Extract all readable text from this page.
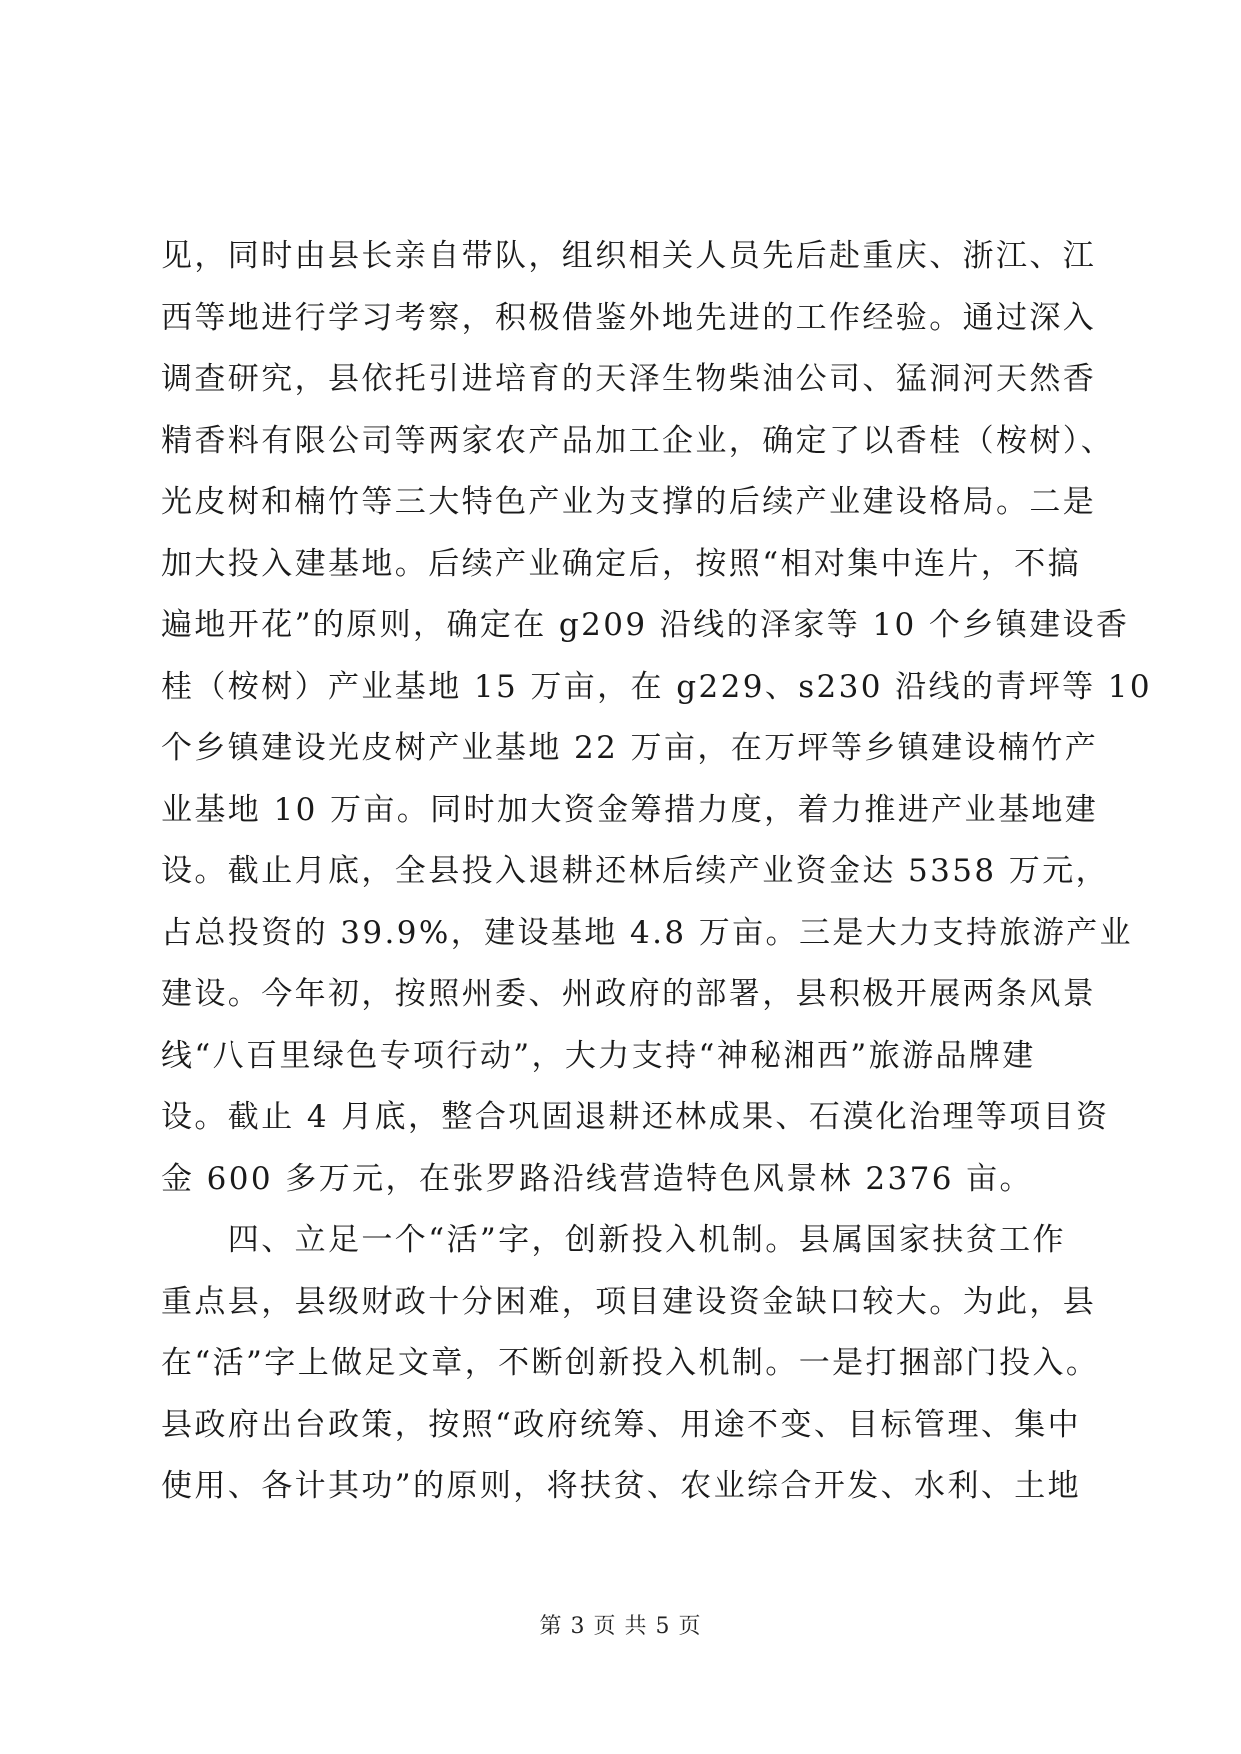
见，同时由县长亲自带队，组织相关人员先后赴重庆、浙江、江
西等地进行学习考察，积极借鉴外地先进的工作经验。通过深入
调查研究，县依托引进培育的天泽生物柴油公司、猛洞河天然香
精香料有限公司等两家农产品加工企业，确定了以香桂（桉树）、
光皮树和楠竹等三大特色产业为支撑的后续产业建设格局。二是
加大投入建基地。后续产业确定后，按照“相对集中连片，不搞
遍地开花”的原则，确定在 g209 沿线的泽家等 10 个乡镇建设香
桂（桉树）产业基地 15 万亩，在 g229、s230 沿线的青坪等 10
个乡镇建设光皮树产业基地 22 万亩，在万坪等乡镇建设楠竹产
业基地 10 万亩。同时加大资金筹措力度，着力推进产业基地建
设。截止月底，全县投入退耕还林后续产业资金达 5358 万元，
占总投资的 39.9%，建设基地 4.8 万亩。三是大力支持旅游产业
建设。今年初，按照州委、州政府的部署，县积极开展两条风景
线“八百里绿色专项行动”，大力支持“神秘湘西”旅游品牌建
设。截止 4 月底，整合巩固退耕还林成果、石漠化治理等项目资
金 600 多万元，在张罗路沿线营造特色风景林 2376 亩。
　　四、立足一个“活”字，创新投入机制。县属国家扶贫工作
重点县，县级财政十分困难，项目建设资金缺口较大。为此，县
在“活”字上做足文章，不断创新投入机制。一是打捆部门投入。
县政府出台政策，按照“政府统筹、用途不变、目标管理、集中
使用、各计其功”的原则，将扶贫、农业综合开发、水利、土地
第 3 页 共 5 页
